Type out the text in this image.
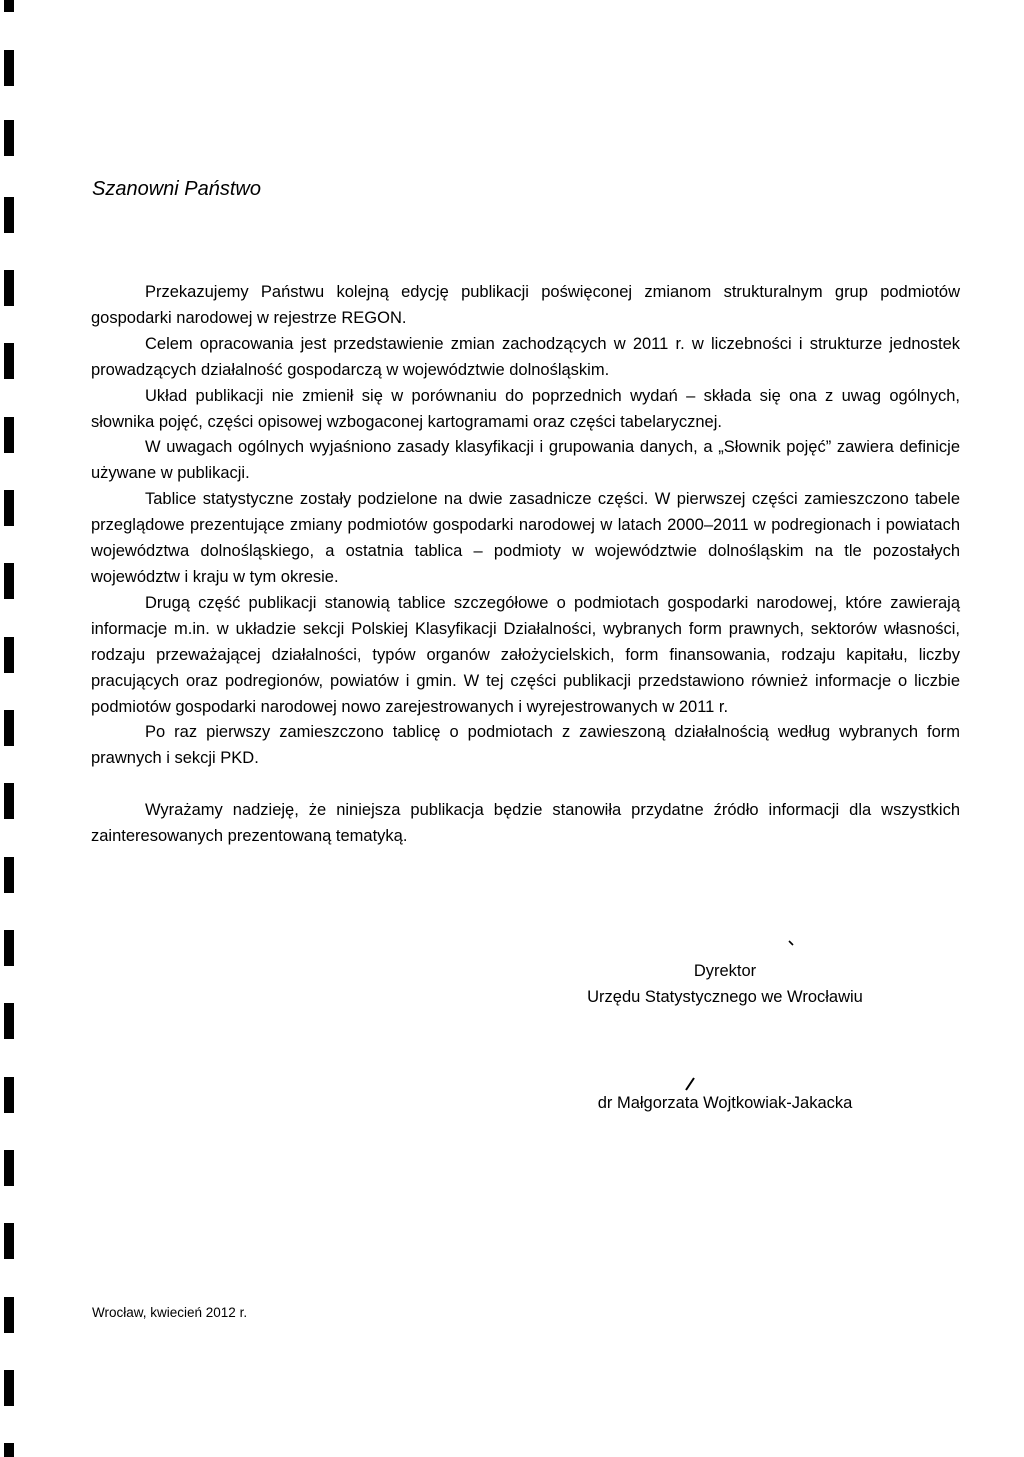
Szanowni Państwo

Przekazujemy Państwu kolejną edycję publikacji poświęconej zmianom strukturalnym grup podmiotów gospodarki narodowej w rejestrze REGON.

Celem opracowania jest przedstawienie zmian zachodzących w 2011 r. w liczebności i strukturze jednostek prowadzących działalność gospodarczą w województwie dolnośląskim.

Układ publikacji nie zmienił się w porównaniu do poprzednich wydań – składa się ona z uwag ogólnych, słownika pojęć, części opisowej wzbogaconej kartogramami oraz części tabelarycznej.

W uwagach ogólnych wyjaśniono zasady klasyfikacji i grupowania danych, a „Słownik pojęć” zawiera definicje używane w publikacji.

Tablice statystyczne zostały podzielone na dwie zasadnicze części. W pierwszej części zamieszczono tabele przeglądowe prezentujące zmiany podmiotów gospodarki narodowej w latach 2000–2011 w podregionach i powiatach województwa dolnośląskiego, a ostatnia tablica – podmioty w województwie dolnośląskim na tle pozostałych województw i kraju w tym okresie.

Drugą część publikacji stanowią tablice szczegółowe o podmiotach gospodarki narodowej, które zawierają informacje m.in. w układzie sekcji Polskiej Klasyfikacji Działalności, wybranych form prawnych, sektorów własności, rodzaju przeważającej działalności, typów organów założycielskich, form finansowania, rodzaju kapitału, liczby pracujących oraz podregionów, powiatów i gmin. W tej części publikacji przedstawiono również informacje o liczbie podmiotów gospodarki narodowej nowo zarejestrowanych i wyrejestrowanych w 2011 r.

Po raz pierwszy zamieszczono tablicę o podmiotach z zawieszoną działalnością według wybranych form prawnych i sekcji PKD.

Wyrażamy nadzieję, że niniejsza publikacja będzie stanowiła przydatne źródło informacji dla wszystkich zainteresowanych prezentowaną tematyką.

Dyrektor
Urzędu Statystycznego we Wrocławiu
dr Małgorzata Wojtkowiak-Jakacka
Wrocław, kwiecień 2012 r.
